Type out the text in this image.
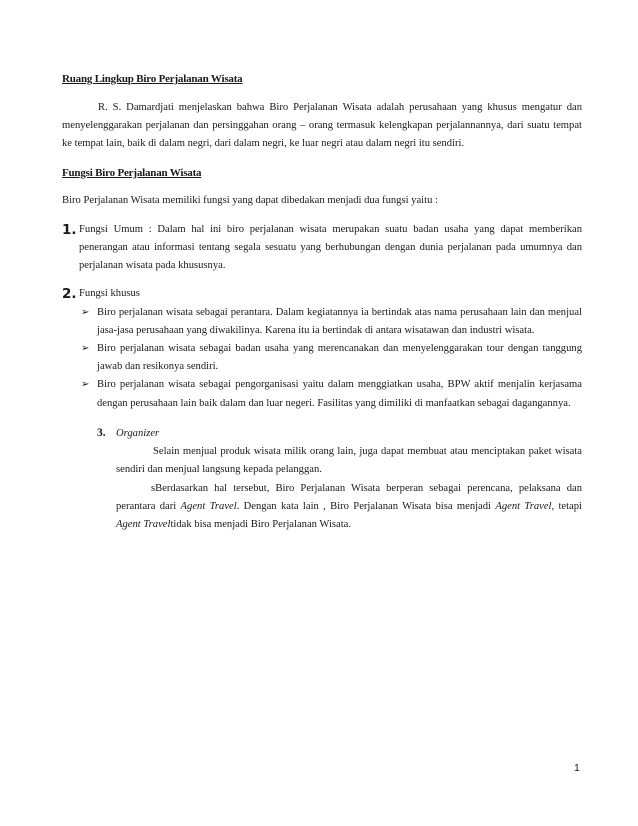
Ruang Lingkup Biro Perjalanan Wisata

R. S. Damardjati menjelaskan bahwa Biro Perjalanan Wisata adalah perusahaan yang khusus mengatur dan menyelenggarakan perjalanan dan persinggahan orang – orang termasuk kelengkapan perjalannannya, dari suatu tempat ke tempat lain, baik di dalam negri, dari dalam negri, ke luar negri atau dalam negri itu sendiri.

Fungsi Biro Perjalanan Wisata

Biro Perjalanan Wisata memiliki fungsi yang dapat dibedakan menjadi dua fungsi yaitu :

1. Fungsi Umum : Dalam hal ini biro perjalanan wisata merupakan suatu badan usaha yang dapat memberikan penerangan atau informasi tentang segala sesuatu yang berhubungan dengan dunia perjalanan pada umumnya dan perjalanan wisata pada khususnya.
2. Fungsi khusus
➢ Biro perjalanan wisata sebagai perantara. Dalam kegiatannya ia bertindak atas nama perusahaan lain dan menjual jasa-jasa perusahaan yang diwakilinya. Karena itu ia bertindak di antara wisatawan dan industri wisata.
➢ Biro perjalanan wisata sebagai badan usaha yang merencanakan dan menyelenggarakan tour dengan tanggung jawab dan resikonya sendiri.
➢ Biro perjalanan wisata sebagai pengorganisasi yaitu dalam menggiatkan usaha, BPW aktif menjalin kerjasama dengan perusahaan lain baik dalam dan luar negeri. Fasilitas yang dimiliki di manfaatkan sebagai dagangannya.
3. Organizer

Selain menjual produk wisata milik orang lain, juga dapat membuat atau menciptakan paket wisata sendiri dan menjual langsung kepada pelanggan.

sBerdasarkan hal tersebut, Biro Perjalanan Wisata berperan sebagai perencana, pelaksana dan perantara dari Agent Travel. Dengan kata lain , Biro Perjalanan Wisata bisa menjadi Agent Travel, tetapi Agent Traveltidak bisa menjadi Biro Perjalanan Wisata.

1
